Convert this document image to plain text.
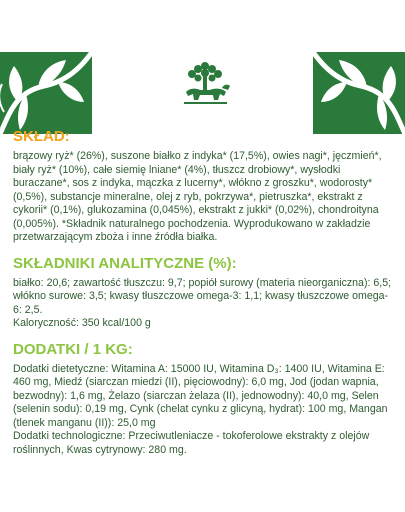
SKŁAD:
brązowy ryż* (26%), suszone białko z indyka* (17,5%), owies nagi*, jęczmień*, biały ryż* (10%), całe siemię lniane* (4%), tłuszcz drobiowy*, wysłodki buraczane*, sos z indyka, mączka z lucerny*, włókno z groszku*, wodorosty* (0,5%), substancje mineralne, olej z ryb, pokrzywa*, pietruszka*, ekstrakt z cykorii* (0,1%), glukozamina (0,045%), ekstrakt z jukki* (0,02%), chondroityna (0,005%). *Składnik naturalnego pochodzenia. Wyprodukowano w zakładzie przetwarzającym zboża i inne źródła białka.
SKŁADNIKI ANALITYCZNE (%):
białko: 20,6; zawartość tłuszczu: 9,7; popiół surowy (materia nieorganiczna): 6,5; włókno surowe: 3,5; kwasy tłuszczowe omega-3: 1,1; kwasy tłuszczowe omega-6: 2,5.
Kaloryczność: 350 kcal/100 g
DODATKI / 1 KG:
Dodatki dietetyczne: Witamina A: 15000 IU, Witamina D₃: 1400 IU, Witamina E: 460 mg, Miedź (siarczan miedzi (II), pięciowodny): 6,0 mg, Jod (jodan wapnia, bezwodny): 1,6 mg, Żelazo (siarczan żelaza (II), jednowodny): 40,0 mg, Selen (selenin sodu): 0,19 mg, Cynk (chelat cynku z glicyną, hydrat): 100 mg, Mangan (tlenek manganu (II)): 25,0 mg
Dodatki technologiczne: Przeciwutleniacze - tokoferolowe ekstrakty z olejów roślinnych, Kwas cytrynowy: 280 mg.
